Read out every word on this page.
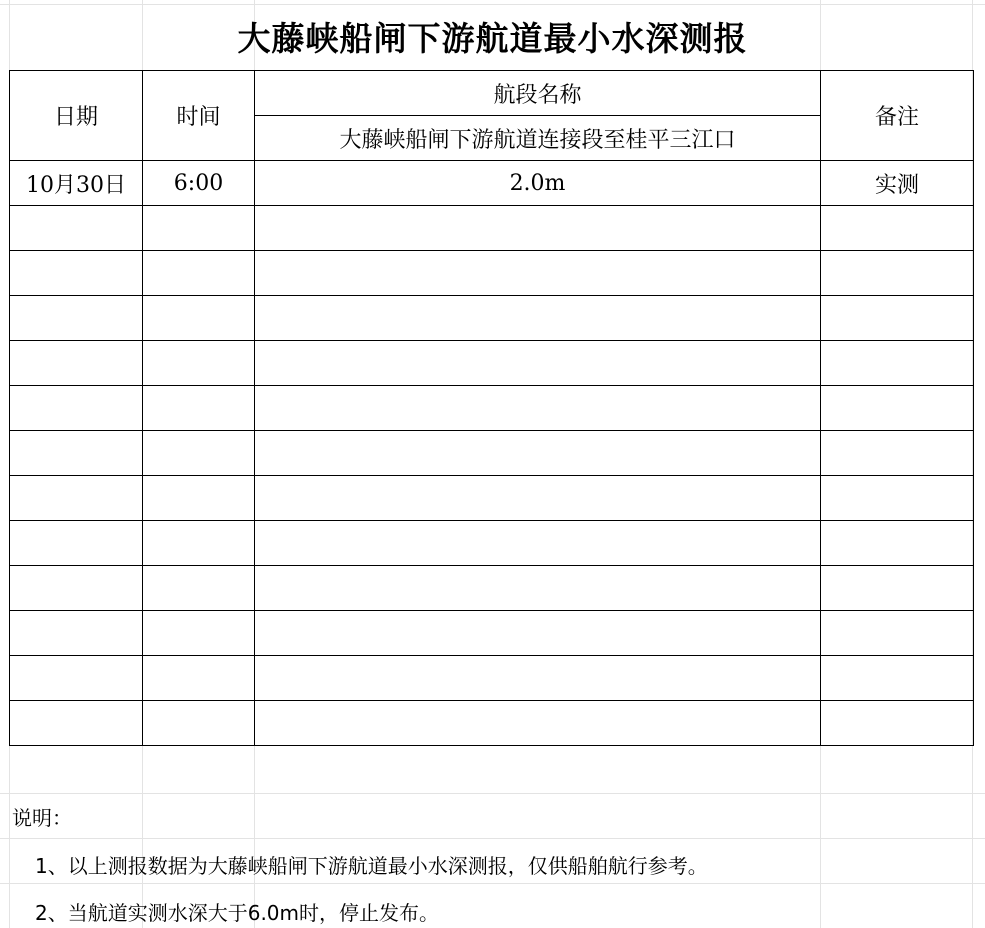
大藤峡船闸下游航道最小水深测报
日期	时间	航段名称	备注
		大藤峡船闸下游航道连接段至桂平三江口	
10月30日	6:00	2.0m	实测

说明：
1、以上测报数据为大藤峡船闸下游航道最小水深测报，仅供船舶航行参考。
2、当航道实测水深大于6.0m时，停止发布。
